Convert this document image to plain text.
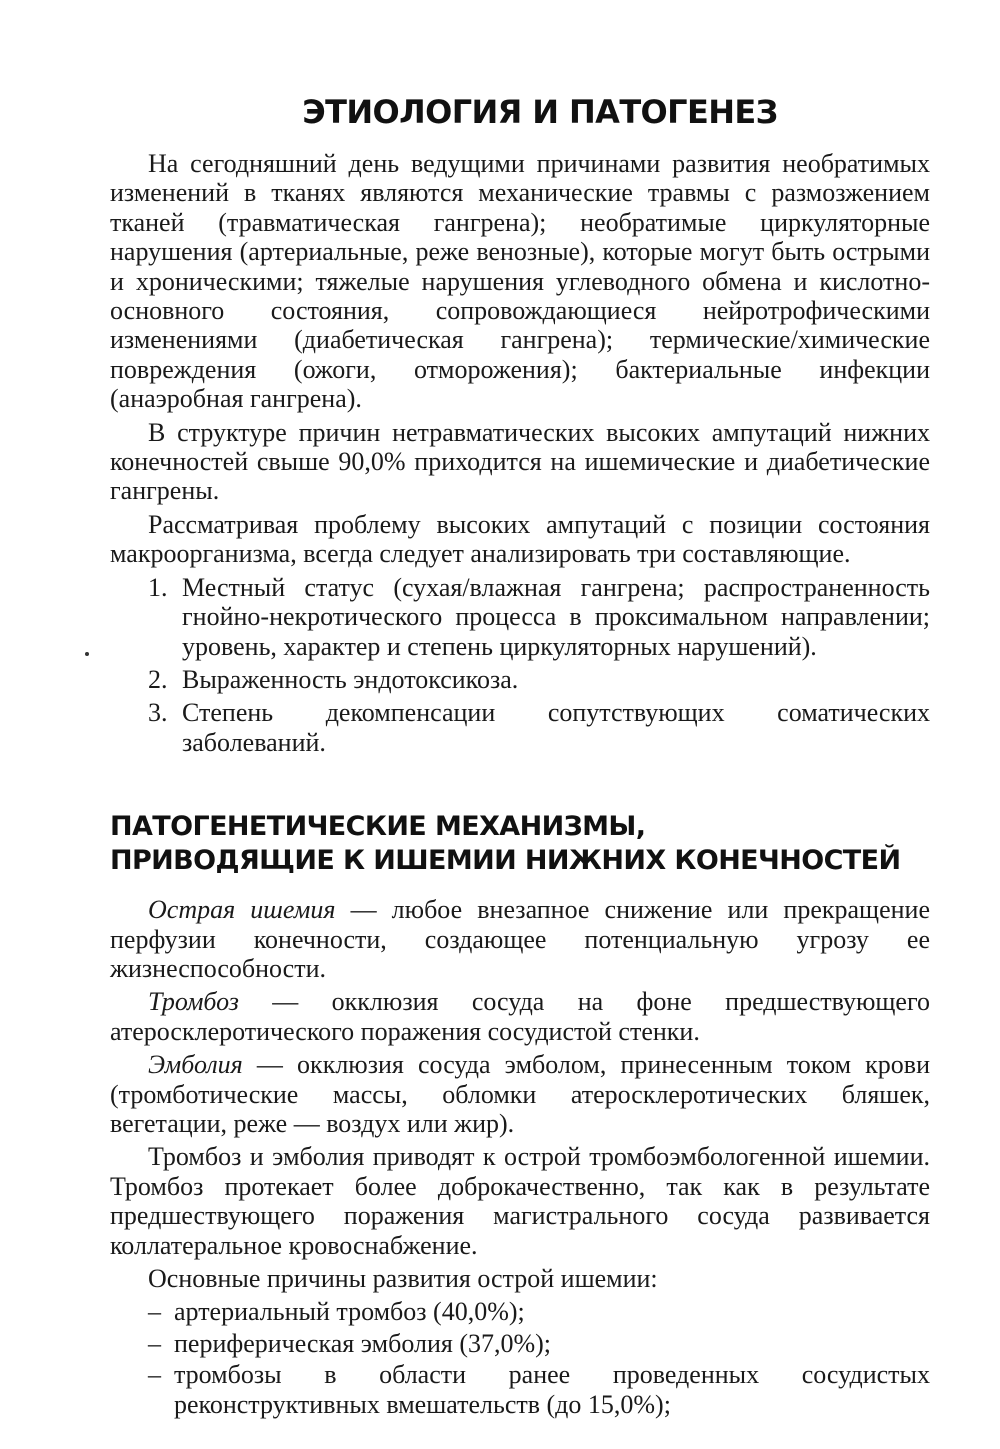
ЭТИОЛОГИЯ И ПАТОГЕНЕЗ

На сегодняшний день ведущими причинами развития необратимых изменений в тканях являются механические травмы с размозжением тканей (травматическая гангрена); необратимые циркуляторные нарушения (артериальные, реже венозные), которые могут быть острыми и хроническими; тяжелые нарушения углеводного обмена и кислотно-основного состояния, сопровождающиеся нейротрофическими изменениями (диабетическая гангрена); термические/химические повреждения (ожоги, отморожения); бактериальные инфекции (анаэробная гангрена).

В структуре причин нетравматических высоких ампутаций нижних конечностей свыше 90,0% приходится на ишемические и диабетические гангрены.

Рассматривая проблему высоких ампутаций с позиции состояния макроорганизма, всегда следует анализировать три составляющие.

1. Местный статус (сухая/влажная гангрена; распространенность гнойно-некротического процесса в проксимальном направлении; уровень, характер и степень циркуляторных нарушений).
2. Выраженность эндотоксикоза.
3. Степень декомпенсации сопутствующих соматических заболеваний.
ПАТОГЕНЕТИЧЕСКИЕ МЕХАНИЗМЫ,
ПРИВОДЯЩИЕ К ИШЕМИИ НИЖНИХ КОНЕЧНОСТЕЙ

Острая ишемия — любое внезапное снижение или прекращение перфузии конечности, создающее потенциальную угрозу ее жизнеспособности.

Тромбоз — окклюзия сосуда на фоне предшествующего атеросклеротического поражения сосудистой стенки.

Эмболия — окклюзия сосуда эмболом, принесенным током крови (тромботические массы, обломки атеросклеротических бляшек, вегетации, реже — воздух или жир).

Тромбоз и эмболия приводят к острой тромбоэмбологенной ишемии. Тромбоз протекает более доброкачественно, так как в результате предшествующего поражения магистрального сосуда развивается коллатеральное кровоснабжение.

Основные причины развития острой ишемии:

– артериальный тромбоз (40,0%);
– периферическая эмболия (37,0%);
– тромбозы в области ранее проведенных сосудистых реконструктивных вмешательств (до 15,0%);
